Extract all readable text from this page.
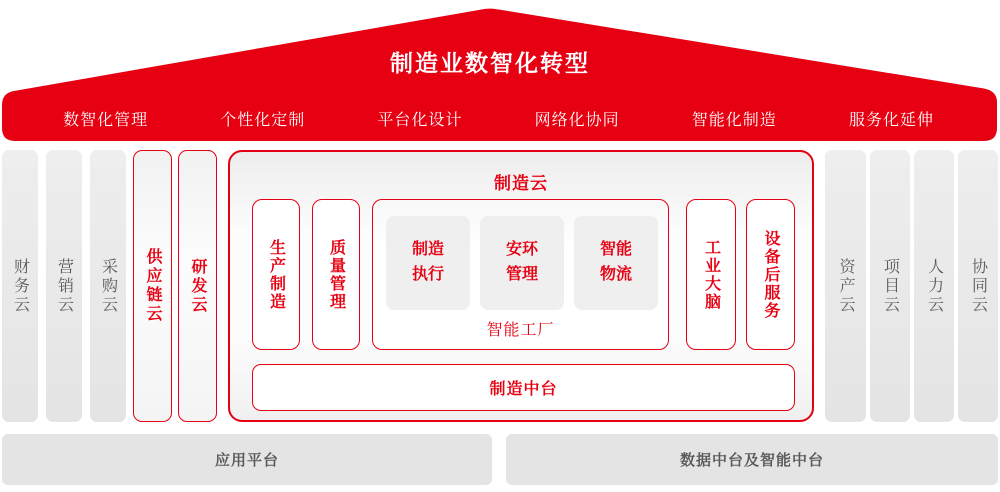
制造业数智化转型
数智化管理	个性化定制	平台化设计	网络化协同	智能化制造	服务化延伸
财务云 营销云 采购云 供应链云 研发云
制造云
生产制造	质量管理	制造
执行
安环
管理
智能
物流
智能工厂
工业大脑	设备后服务
制造中台
资产云 项目云 人力云 协同云
应用平台	数据中台及智能中台
